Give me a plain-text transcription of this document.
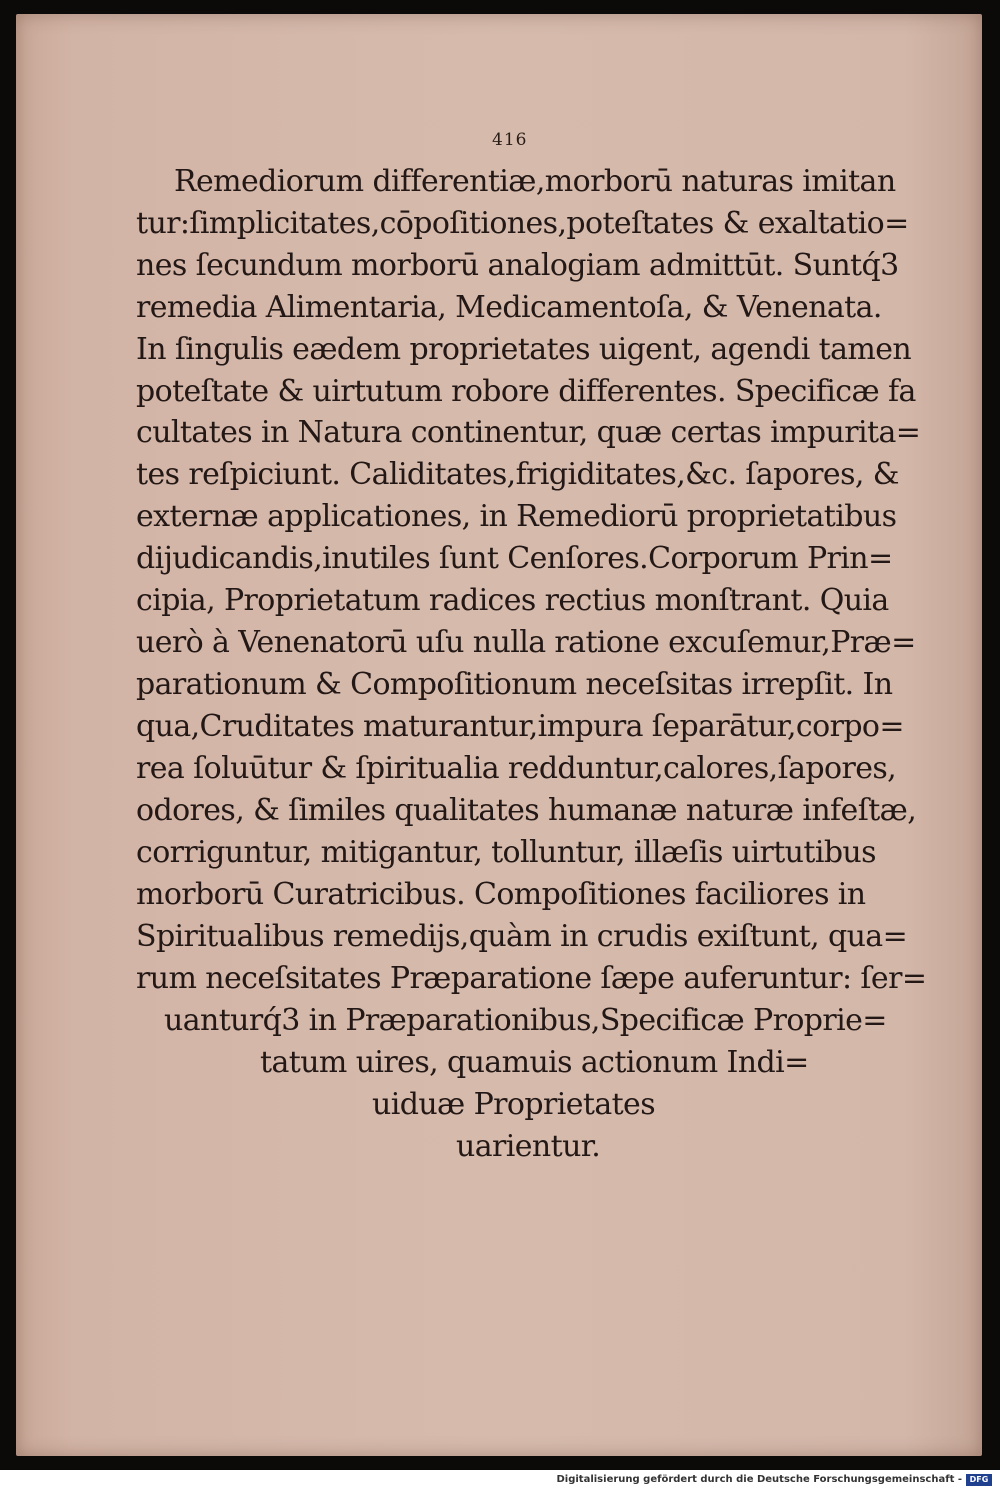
416
Remediorum differentiæ,morborū naturas imitan
tur:ſimplicitates,cōpoſitiones,poteſtates & exaltatio=
nes ſecundum morborū analogiam admittūt. Suntq́3
remedia Alimentaria, Medicamentoſa, & Venenata.
In ſingulis eædem proprietates uigent, agendi tamen
poteſtate & uirtutum robore differentes. Specificæ fa
cultates in Natura continentur, quæ certas impurita=
tes reſpiciunt. Caliditates,frigiditates,&c. ſapores, &
externæ applicationes, in Remediorū proprietatibus
dijudicandis,inutiles ſunt Cenſores.Corporum Prin=
cipia, Proprietatum radices rectius monſtrant. Quia
uerò à Venenatorū uſu nulla ratione excuſemur,Præ=
parationum & Compoſitionum neceſsitas irrepſit. In
qua,Cruditates maturantur,impura ſeparātur,corpo=
rea ſoluūtur & ſpiritualia redduntur,calores,ſapores,
odores, & ſimiles qualitates humanæ naturæ infeſtæ,
corriguntur, mitigantur, tolluntur, illæſis uirtutibus
morborū Curatricibus. Compoſitiones faciliores in
Spiritualibus remedijs,quàm in crudis exiſtunt, qua=
rum neceſsitates Præparatione ſæpe auferuntur: ſer=
uanturq́3 in Præparationibus,Specificæ Proprie=
tatum uires, quamuis actionum Indi=
uiduæ Proprietates
uarientur.
Digitalisierung gefördert durch die Deutsche Forschungsgemeinschaft - DFG
